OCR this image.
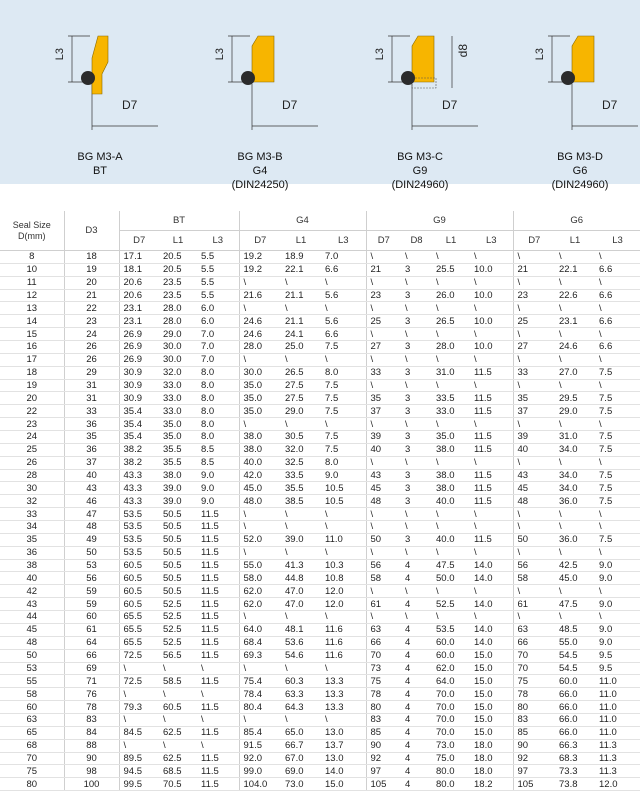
L3
D7
BG M3-A
BT
L3
D7
BG M3-B
G4
(DIN24250)
L3
D7
d8
BG M3-C
G9
(DIN24960)
L3
D7
BG M3-D
G6
(DIN24960)
Seal Size
D(mm)	D3	BT			G4			G9				G6		
		D7	L1	L3	D7	L1	L3	D7	D8	L1	L3	D7	L1	L3
8	18	17.1	20.5	5.5	19.2	18.9	7.0	\	\	\	\	\	\	\
10	19	18.1	20.5	5.5	19.2	22.1	6.6	21	3	25.5	10.0	21	22.1	6.6
11	20	20.6	23.5	5.5	\	\	\	\	\	\	\	\	\	\
12	21	20.6	23.5	5.5	21.6	21.1	5.6	23	3	26.0	10.0	23	22.6	6.6
13	22	23.1	28.0	6.0	\	\	\	\	\	\	\	\	\	\
14	23	23.1	28.0	6.0	24.6	21.1	5.6	25	3	26.5	10.0	25	23.1	6.6
15	24	26.9	29.0	7.0	24.6	24.1	6.6	\	\	\	\	\	\	\
16	26	26.9	30.0	7.0	28.0	25.0	7.5	27	3	28.0	10.0	27	24.6	6.6
17	26	26.9	30.0	7.0	\	\	\	\	\	\	\	\	\	\
18	29	30.9	32.0	8.0	30.0	26.5	8.0	33	3	31.0	11.5	33	27.0	7.5
19	31	30.9	33.0	8.0	35.0	27.5	7.5	\	\	\	\	\	\	\
20	31	30.9	33.0	8.0	35.0	27.5	7.5	35	3	33.5	11.5	35	29.5	7.5
22	33	35.4	33.0	8.0	35.0	29.0	7.5	37	3	33.0	11.5	37	29.0	7.5
23	36	35.4	35.0	8.0	\	\	\	\	\	\	\	\	\	\
24	35	35.4	35.0	8.0	38.0	30.5	7.5	39	3	35.0	11.5	39	31.0	7.5
25	36	38.2	35.5	8.5	38.0	32.0	7.5	40	3	38.0	11.5	40	34.0	7.5
26	37	38.2	35.5	8.5	40.0	32.5	8.0	\	\	\	\	\	\	\
28	40	43.3	38.0	9.0	42.0	33.5	9.0	43	3	38.0	11.5	43	34.0	7.5
30	43	43.3	39.0	9.0	45.0	35.5	10.5	45	3	38.0	11.5	45	34.0	7.5
32	46	43.3	39.0	9.0	48.0	38.5	10.5	48	3	40.0	11.5	48	36.0	7.5
33	47	53.5	50.5	11.5	\	\	\	\	\	\	\	\	\	\
34	48	53.5	50.5	11.5	\	\	\	\	\	\	\	\	\	\
35	49	53.5	50.5	11.5	52.0	39.0	11.0	50	3	40.0	11.5	50	36.0	7.5
36	50	53.5	50.5	11.5	\	\	\	\	\	\	\	\	\	\
38	53	60.5	50.5	11.5	55.0	41.3	10.3	56	4	47.5	14.0	56	42.5	9.0
40	56	60.5	50.5	11.5	58.0	44.8	10.8	58	4	50.0	14.0	58	45.0	9.0
42	59	60.5	50.5	11.5	62.0	47.0	12.0	\	\	\	\	\	\	\
43	59	60.5	52.5	11.5	62.0	47.0	12.0	61	4	52.5	14.0	61	47.5	9.0
44	60	65.5	52.5	11.5	\	\	\	\	\	\	\	\	\	\
45	61	65.5	52.5	11.5	64.0	48.1	11.6	63	4	53.5	14.0	63	48.5	9.0
48	64	65.5	52.5	11.5	68.4	53.6	11.6	66	4	60.0	14.0	66	55.0	9.0
50	66	72.5	56.5	11.5	69.3	54.6	11.6	70	4	60.0	15.0	70	54.5	9.5
53	69	\	\	\	\	\	\	73	4	62.0	15.0	70	54.5	9.5
55	71	72.5	58.5	11.5	75.4	60.3	13.3	75	4	64.0	15.0	75	60.0	11.0
58	76	\	\	\	78.4	63.3	13.3	78	4	70.0	15.0	78	66.0	11.0
60	78	79.3	60.5	11.5	80.4	64.3	13.3	80	4	70.0	15.0	80	66.0	11.0
63	83	\	\	\	\	\	\	83	4	70.0	15.0	83	66.0	11.0
65	84	84.5	62.5	11.5	85.4	65.0	13.0	85	4	70.0	15.0	85	66.0	11.0
68	88	\	\	\	91.5	66.7	13.7	90	4	73.0	18.0	90	66.3	11.3
70	90	89.5	62.5	11.5	92.0	67.0	13.0	92	4	75.0	18.0	92	68.3	11.3
75	98	94.5	68.5	11.5	99.0	69.0	14.0	97	4	80.0	18.0	97	73.3	11.3
80	100	99.5	70.5	11.5	104.0	73.0	15.0	105	4	80.0	18.2	105	73.8	12.0
